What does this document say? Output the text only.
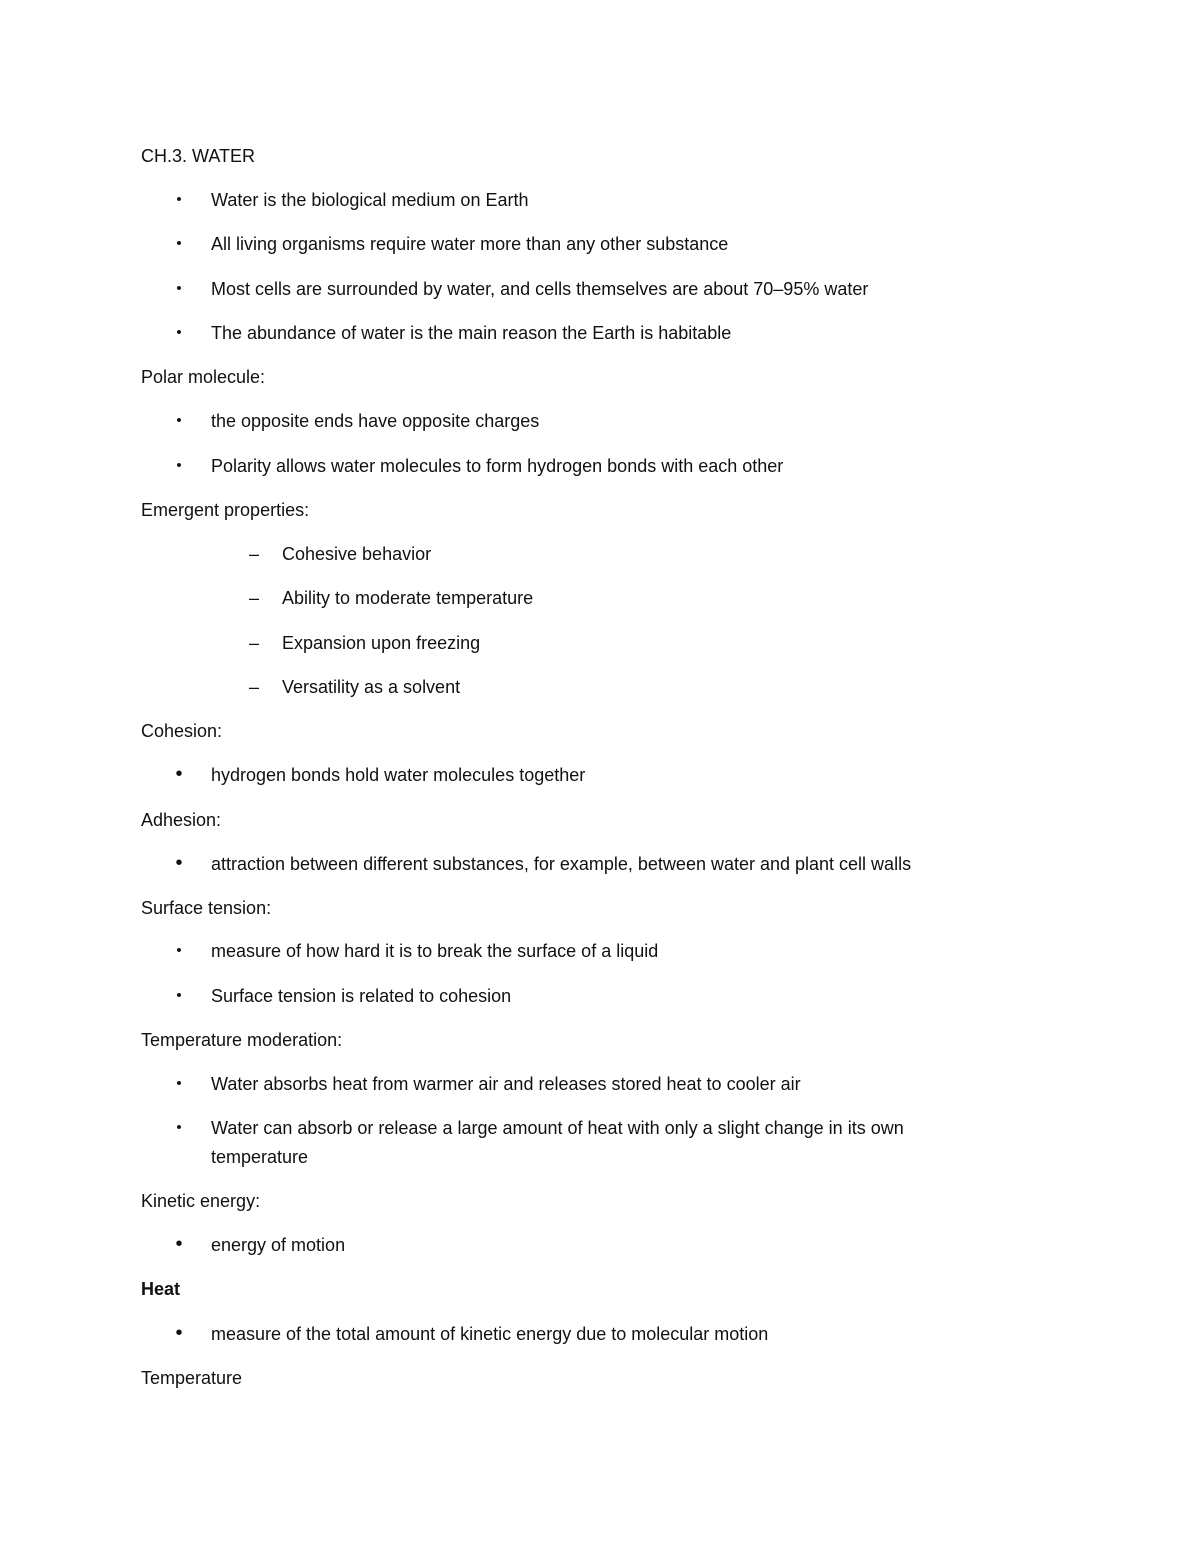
CH.3. WATER
• Water is the biological medium on Earth
• All living organisms require water more than any other substance
• Most cells are surrounded by water, and cells themselves are about 70–95% water
• The abundance of water is the main reason the Earth is habitable
Polar molecule:
• the opposite ends have opposite charges
• Polarity allows water molecules to form hydrogen bonds with each other
Emergent properties:
– Cohesive behavior
– Ability to moderate temperature
– Expansion upon freezing
– Versatility as a solvent
Cohesion:
• hydrogen bonds hold water molecules together
Adhesion:
• attraction between different substances, for example, between water and plant cell walls
Surface tension:
• measure of how hard it is to break the surface of a liquid
• Surface tension is related to cohesion
Temperature moderation:
• Water absorbs heat from warmer air and releases stored heat to cooler air
• Water can absorb or release a large amount of heat with only a slight change in its own
temperature
Kinetic energy:
• energy of motion
Heat
• measure of the total amount of kinetic energy due to molecular motion
Temperature
